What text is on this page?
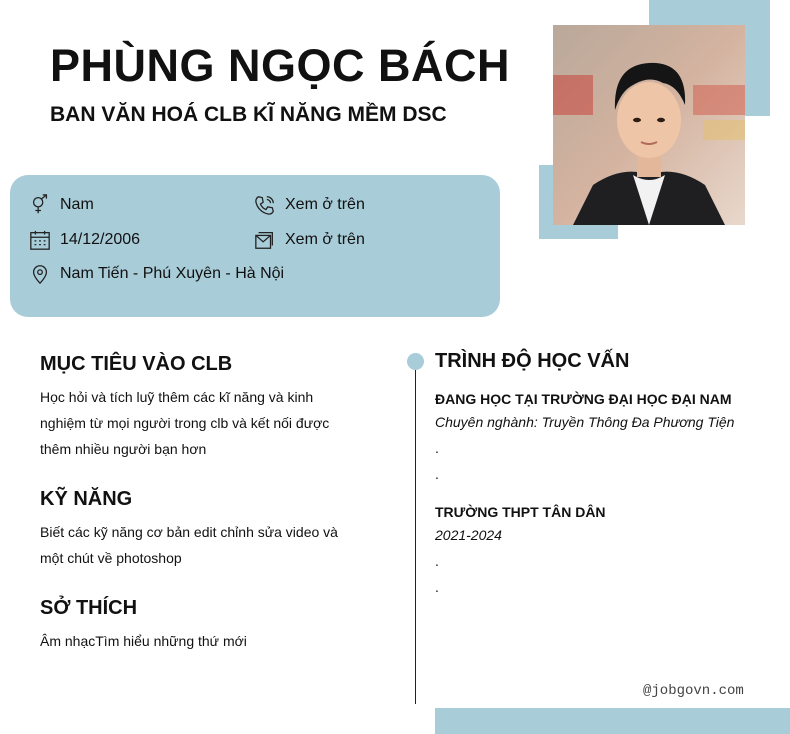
PHÙNG NGỌC BÁCH
BAN VĂN HOÁ CLB KĨ NĂNG MỀM DSC
Nam
14/12/2006
Nam Tiến - Phú Xuyên - Hà Nội
Xem ở trên
Xem ở trên
MỤC TIÊU VÀO CLB
Học hỏi và tích luỹ thêm các kĩ năng và kinh
nghiệm từ mọi người trong clb và kết nối được
thêm nhiều người bạn hơn
KỸ NĂNG
Biết các kỹ năng cơ bản edit chỉnh sửa video và
một chút về photoshop
SỞ THÍCH
Âm nhạcTìm hiểu những thứ mới
TRÌNH ĐỘ HỌC VẤN
ĐANG HỌC TẠI TRƯỜNG ĐẠI HỌC ĐẠI NAM
Chuyên nghành: Truyền Thông Đa Phương Tiện
.
.
TRƯỜNG THPT TÂN DÂN
2021-2024
.
.
@jobgovn.com
